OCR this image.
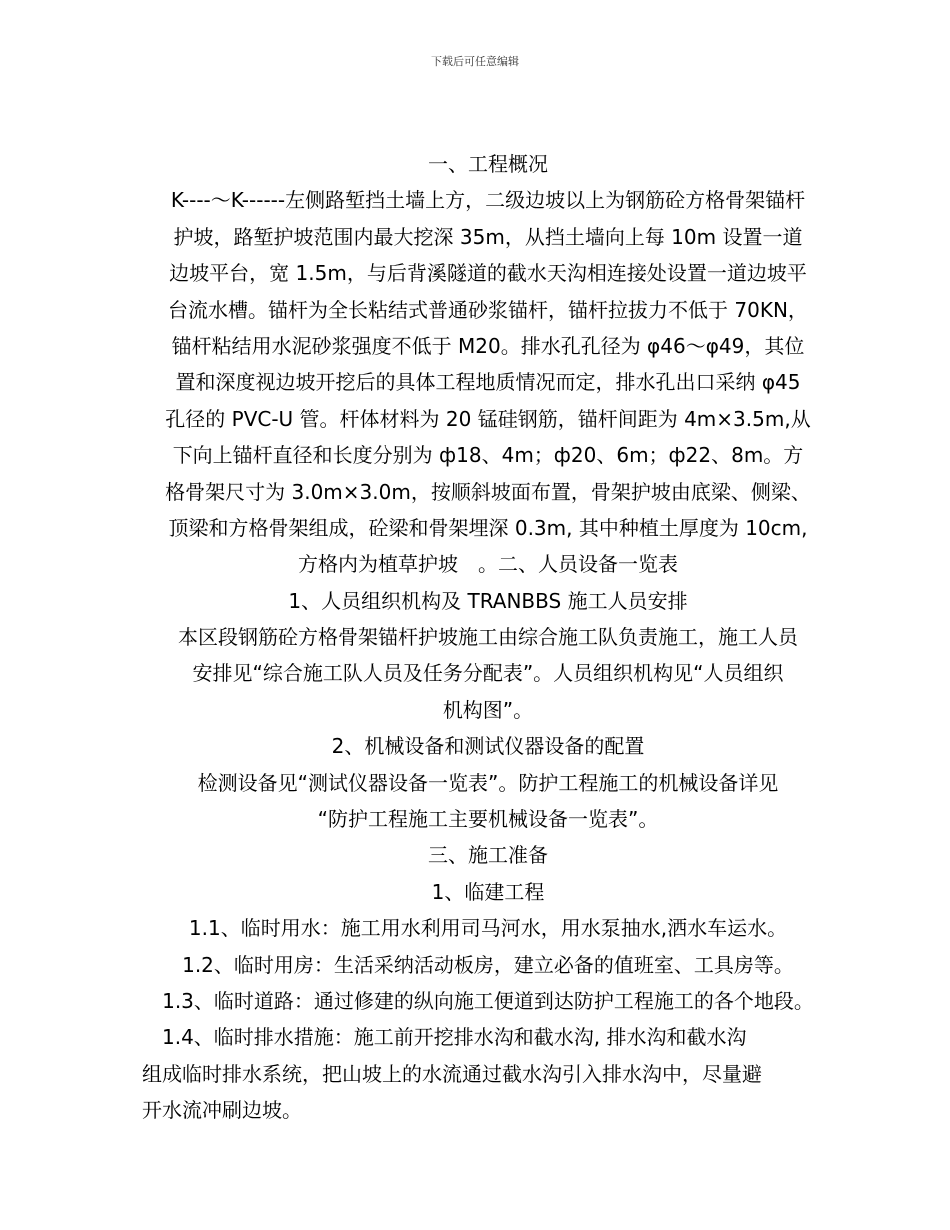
下载后可任意编辑
一、工程概况
K----～K------左侧路堑挡土墙上方，二级边坡以上为钢筋砼方格骨架锚杆
护坡，路堑护坡范围内最大挖深 35m，从挡土墙向上每 10m 设置一道
边坡平台，宽 1.5m，与后背溪隧道的截水天沟相连接处设置一道边坡平
台流水槽。锚杆为全长粘结式普通砂浆锚杆，锚杆拉拔力不低于 70KN，
锚杆粘结用水泥砂浆强度不低于 M20。排水孔孔径为 φ46～φ49，其位
置和深度视边坡开挖后的具体工程地质情况而定，排水孔出口采纳 φ45
孔径的 PVC-U 管。杆体材料为 20 锰硅钢筋，锚杆间距为 4m×3.5m,从
下向上锚杆直径和长度分别为 ф18、4m；ф20、6m；ф22、8m。方
格骨架尺寸为 3.0m×3.0m，按顺斜坡面布置，骨架护坡由底梁、侧梁、
顶梁和方格骨架组成，砼梁和骨架埋深 0.3m, 其中种植土厚度为 10cm,
方格内为植草护坡　。二、人员设备一览表
1、人员组织机构及 TRANBBS 施工人员安排
本区段钢筋砼方格骨架锚杆护坡施工由综合施工队负责施工，施工人员
安排见“综合施工队人员及任务分配表”。人员组织机构见“人员组织
机构图”。
2、机械设备和测试仪器设备的配置
检测设备见“测试仪器设备一览表”。防护工程施工的机械设备详见
“防护工程施工主要机械设备一览表”。
三、施工准备
1、临建工程
1.1、临时用水：施工用水利用司马河水，用水泵抽水,洒水车运水。
1.2、临时用房：生活采纳活动板房，建立必备的值班室、工具房等。
1.3、临时道路：通过修建的纵向施工便道到达防护工程施工的各个地段。
　1.4、临时排水措施：施工前开挖排水沟和截水沟, 排水沟和截水沟
组成临时排水系统，把山坡上的水流通过截水沟引入排水沟中，尽量避
开水流冲刷边坡。
